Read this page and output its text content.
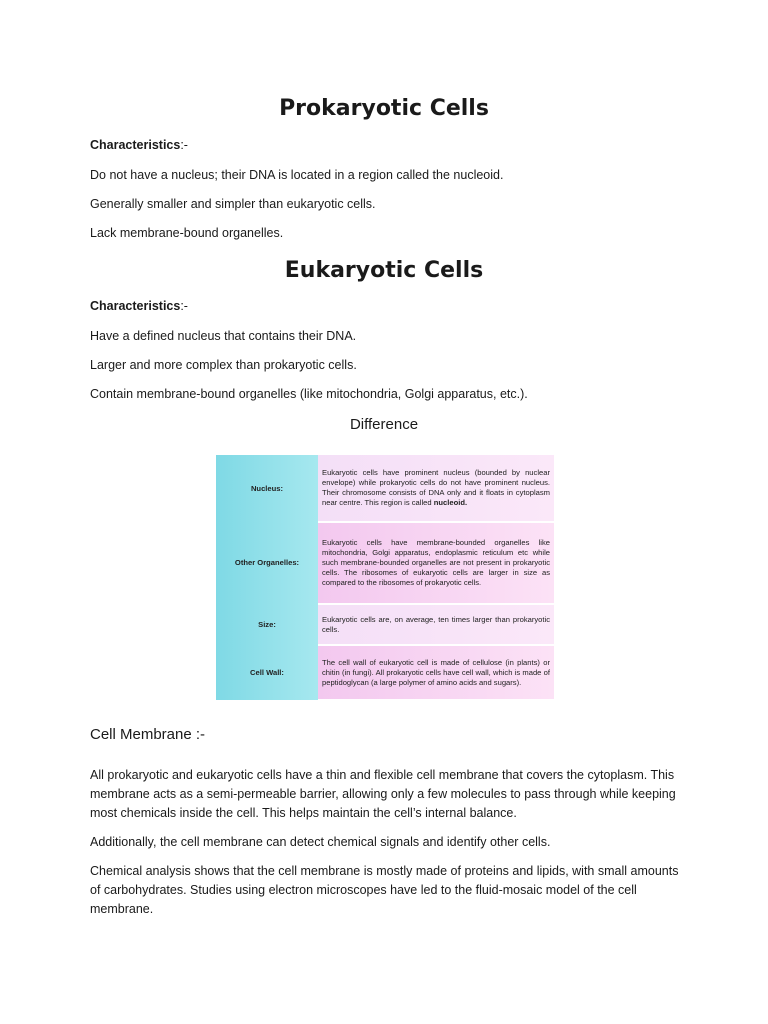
Prokaryotic Cells
Characteristics:-
Do not have a nucleus; their DNA is located in a region called the nucleoid.
Generally smaller and simpler than eukaryotic cells.
Lack membrane-bound organelles.
Eukaryotic Cells
Characteristics:-
Have a defined nucleus that contains their DNA.
Larger and more complex than prokaryotic cells.
Contain membrane-bound organelles (like mitochondria, Golgi apparatus, etc.).
Difference
Nucleus:	Eukaryotic cells have prominent nucleus (bounded by nuclear envelope) while prokaryotic cells do not have prominent nucleus. Their chromosome consists of DNA only and it floats in cytoplasm near centre. This region is called nucleoid.
Other Organelles:	Eukaryotic cells have membrane-bounded organelles like mitochondria, Golgi apparatus, endoplasmic reticulum etc while such membrane-bounded organelles are not present in prokaryotic cells. The ribosomes of eukaryotic cells are larger in size as compared to the ribosomes of prokaryotic cells.
Size:	Eukaryotic cells are, on average, ten times larger than prokaryotic cells.
Cell Wall:	The cell wall of eukaryotic cell is made of cellulose (in plants) or chitin (in fungi). All prokaryotic cells have cell wall, which is made of peptidoglycan (a large polymer of amino acids and sugars).
Cell Membrane :-
All prokaryotic and eukaryotic cells have a thin and flexible cell membrane that covers the cytoplasm. This membrane acts as a semi-permeable barrier, allowing only a few molecules to pass through while keeping most chemicals inside the cell. This helps maintain the cell’s internal balance.
Additionally, the cell membrane can detect chemical signals and identify other cells.
Chemical analysis shows that the cell membrane is mostly made of proteins and lipids, with small amounts of carbohydrates. Studies using electron microscopes have led to the fluid-mosaic model of the cell membrane.
